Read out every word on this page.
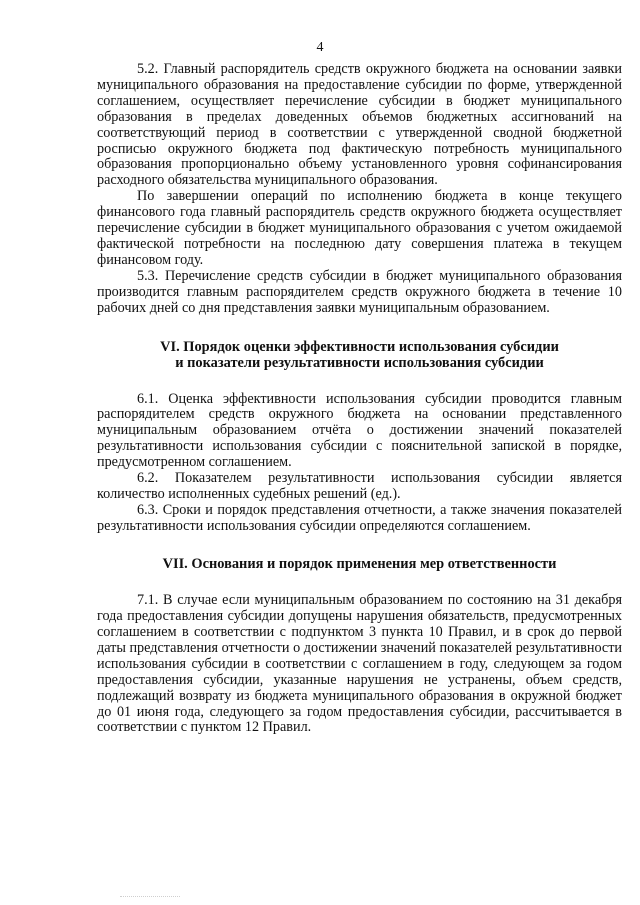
4

5.2. Главный распорядитель средств окружного бюджета на основании заявки муниципального образования на предоставление субсидии по форме, утвержденной соглашением, осуществляет перечисление субсидии в бюджет муниципального образования в пределах доведенных объемов бюджетных ассигнований на соответствующий период в соответствии с утвержденной сводной бюджетной росписью окружного бюджета под фактическую потребность муниципального образования пропорционально объему установленного уровня софинансирования расходного обязательства муниципального образования.

По завершении операций по исполнению бюджета в конце текущего финансового года главный распорядитель средств окружного бюджета осуществляет перечисление субсидии в бюджет муниципального образования с учетом ожидаемой фактической потребности на последнюю дату совершения платежа в текущем финансовом году.

5.3. Перечисление средств субсидии в бюджет муниципального образования производится главным распорядителем средств окружного бюджета в течение 10 рабочих дней со дня представления заявки муниципальным образованием.

VI. Порядок оценки эффективности использования субсидии
и показатели результативности использования субсидии

6.1. Оценка эффективности использования субсидии проводится главным распорядителем средств окружного бюджета на основании представленного муниципальным образованием отчёта о достижении значений показателей результативности использования субсидии с пояснительной запиской в порядке, предусмотренном соглашением.

6.2. Показателем результативности использования субсидии является количество исполненных судебных решений (ед.).

6.3. Сроки и порядок представления отчетности, а также значения показателей результативности использования субсидии определяются соглашением.

VII. Основания и порядок применения мер ответственности

7.1. В случае если муниципальным образованием по состоянию на 31 декабря года предоставления субсидии допущены нарушения обязательств, предусмотренных соглашением в соответствии с подпунктом 3 пункта 10 Правил, и в срок до первой даты представления отчетности о достижении значений показателей результативности использования субсидии в соответствии с соглашением в году, следующем за годом предоставления субсидии, указанные нарушения не устранены, объем средств, подлежащий возврату из бюджета муниципального образования в окружной бюджет до 01 июня года, следующего за годом предоставления субсидии, рассчитывается в соответствии с пунктом 12 Правил.
